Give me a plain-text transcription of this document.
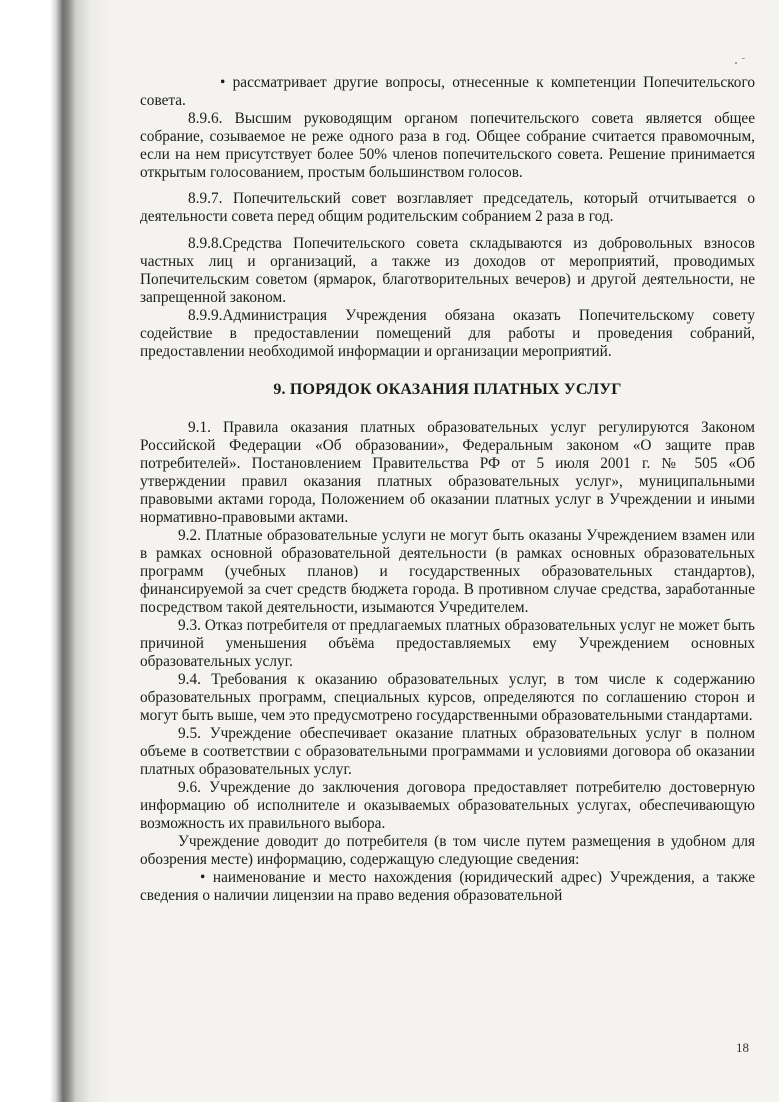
• рассматривает другие вопросы, отнесенные к компетенции Попечительского совета.

8.9.6. Высшим руководящим органом попечительского совета является общее собрание, созываемое не реже одного раза в год. Общее собрание считается правомочным, если на нем присутствует более 50% членов попечительского совета. Решение принимается открытым голосованием, простым большинством голосов.

8.9.7. Попечительский совет возглавляет председатель, который отчитывается о деятельности совета перед общим родительским собранием 2 раза в год.

8.9.8.Средства Попечительского совета складываются из добровольных взносов частных лиц и организаций, а также из доходов от мероприятий, проводимых Попечительским советом (ярмарок, благотворительных вечеров) и другой деятельности, не запрещенной законом.

8.9.9.Администрация Учреждения обязана оказать Попечительскому совету содействие в предоставлении помещений для работы и проведения собраний, предоставлении необходимой информации и организации мероприятий.

9. ПОРЯДОК ОКАЗАНИЯ ПЛАТНЫХ УСЛУГ

9.1. Правила оказания платных образовательных услуг регулируются Законом Российской Федерации «Об образовании», Федеральным законом «О защите прав потребителей». Постановлением Правительства РФ от 5 июля 2001 г. № 505 «Об утверждении правил оказания платных образовательных услуг», муниципальными правовыми актами города, Положением об оказании платных услуг в Учреждении и иными нормативно-правовыми актами.

9.2. Платные образовательные услуги не могут быть оказаны Учреждением взамен или в рамках основной образовательной деятельности (в рамках основных образовательных программ (учебных планов) и государственных образовательных стандартов), финансируемой за счет средств бюджета города. В противном случае средства, заработанные посредством такой деятельности, изымаются Учредителем.

9.3. Отказ потребителя от предлагаемых платных образовательных услуг не может быть причиной уменьшения объёма предоставляемых ему Учреждением основных образовательных услуг.

9.4. Требования к оказанию образовательных услуг, в том числе к содержанию образовательных программ, специальных курсов, определяются по соглашению сторон и могут быть выше, чем это предусмотрено государственными образовательными стандартами.

9.5. Учреждение обеспечивает оказание платных образовательных услуг в полном объеме в соответствии с образовательными программами и условиями договора об оказании платных образовательных услуг.

9.6. Учреждение до заключения договора предоставляет потребителю достоверную информацию об исполнителе и оказываемых образовательных услугах, обеспечивающую возможность их правильного выбора.

Учреждение доводит до потребителя (в том числе путем размещения в удобном для обозрения месте) информацию, содержащую следующие сведения:

• наименование и место нахождения (юридический адрес) Учреждения, а также сведения о наличии лицензии на право ведения образовательной

18
